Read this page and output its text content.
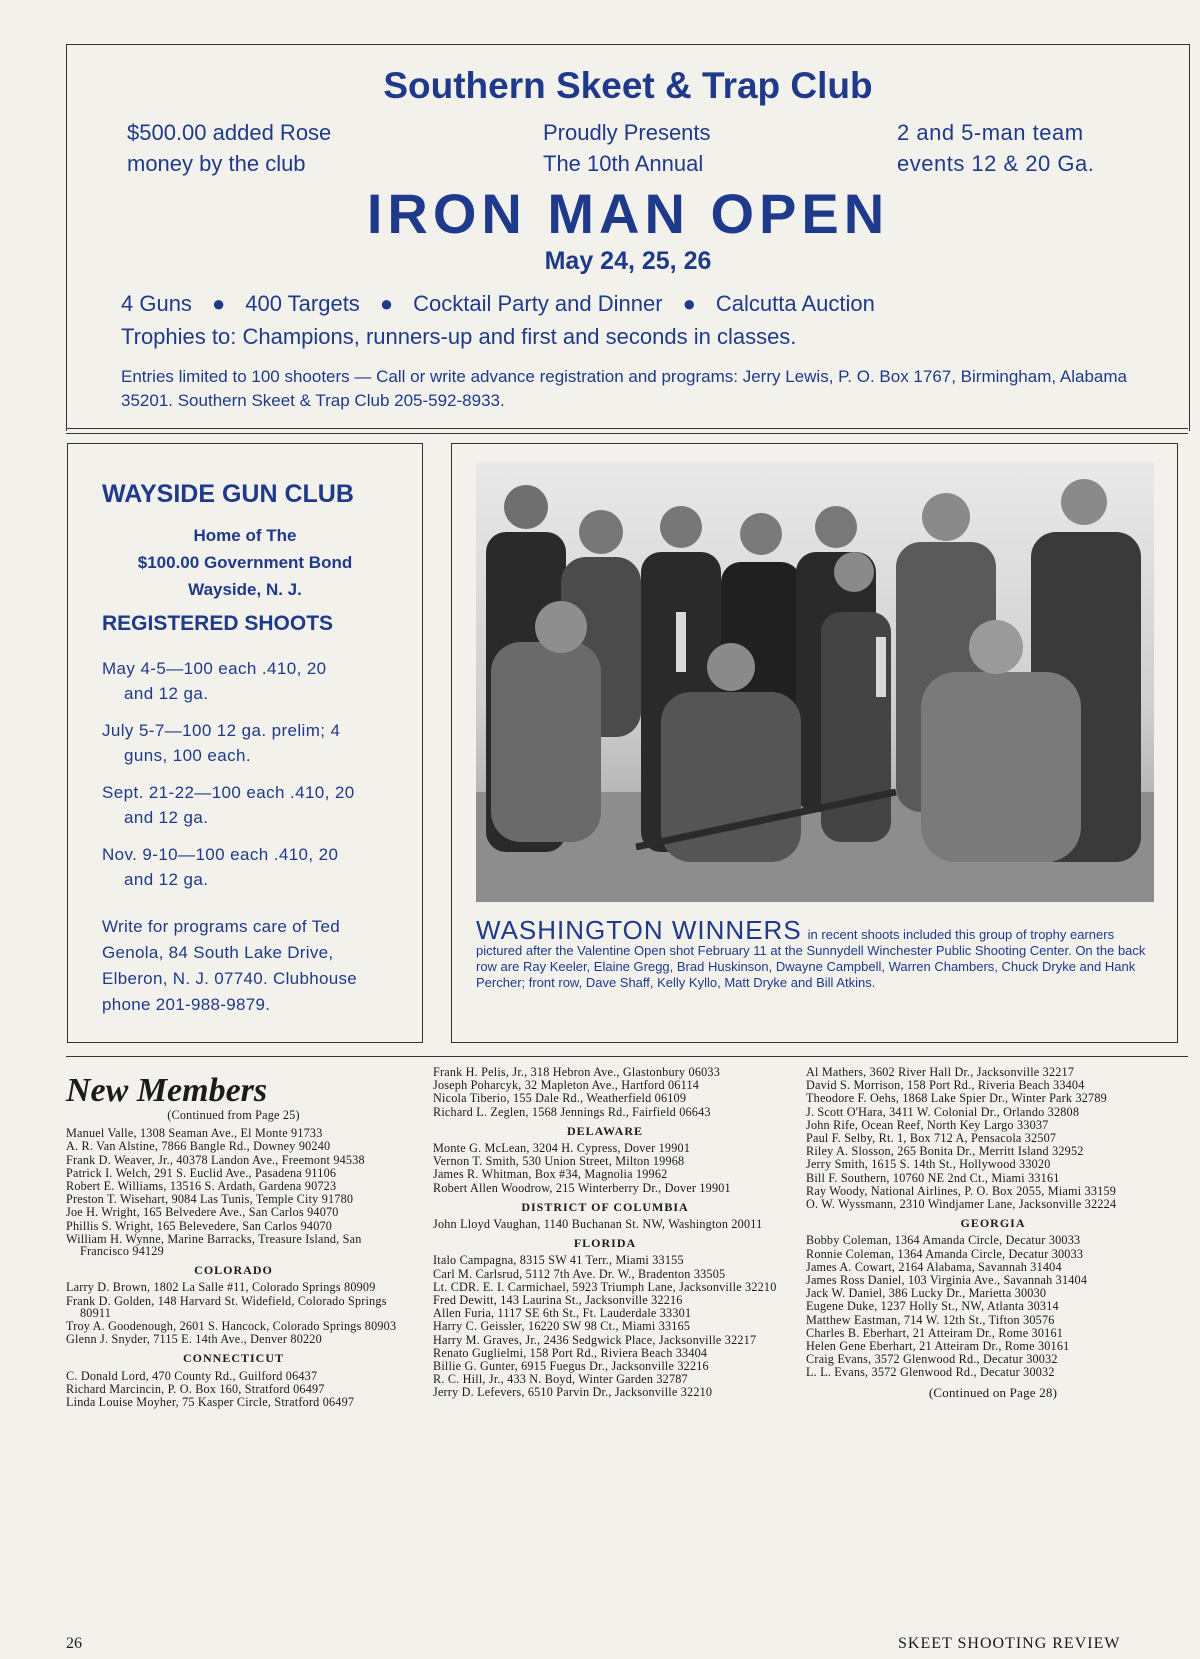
Southern Skeet & Trap Club
$500.00 added Rose
money by the club
Proudly Presents
The 10th Annual
2 and 5-man team
events 12 & 20 Ga.
IRON MAN OPEN
May 24, 25, 26
4 Guns ● 400 Targets ● Cocktail Party and Dinner ● Calcutta Auction
Trophies to: Champions, runners-up and first and seconds in classes.
Entries limited to 100 shooters — Call or write advance registration and programs: Jerry Lewis, P. O. Box 1767, Birmingham, Alabama 35201. Southern Skeet & Trap Club 205-592-8933.
WAYSIDE GUN CLUB
Home of The
$100.00 Government Bond
Wayside, N. J.
REGISTERED SHOOTS
May 4-5—100 each .410, 20
and 12 ga.
July 5-7—100 12 ga. prelim; 4
guns, 100 each.
Sept. 21-22—100 each .410, 20
and 12 ga.
Nov. 9-10—100 each .410, 20
and 12 ga.
Write for programs care of Ted Genola, 84 South Lake Drive, Elberon, N. J. 07740. Clubhouse phone 201-988-9879.
WASHINGTON WINNERS in recent shoots included this group of trophy earners pictured after the Valentine Open shot February 11 at the Sunnydell Winchester Public Shooting Center. On the back row are Ray Keeler, Elaine Gregg, Brad Huskinson, Dwayne Campbell, Warren Chambers, Chuck Dryke and Hank Percher; front row, Dave Shaff, Kelly Kyllo, Matt Dryke and Bill Atkins.
New Members

(Continued from Page 25)

Manuel Valle, 1308 Seaman Ave., El Monte 91733

A. R. Van Alstine, 7866 Bangle Rd., Downey 90240

Frank D. Weaver, Jr., 40378 Landon Ave., Freemont 94538

Patrick I. Welch, 291 S. Euclid Ave., Pasadena 91106

Robert E. Williams, 13516 S. Ardath, Gardena 90723

Preston T. Wisehart, 9084 Las Tunis, Temple City 91780

Joe H. Wright, 165 Belvedere Ave., San Carlos 94070

Phillis S. Wright, 165 Belevedere, San Carlos 94070

William H. Wynne, Marine Barracks, Treasure Island, San Francisco 94129

COLORADO

Larry D. Brown, 1802 La Salle #11, Colorado Springs 80909

Frank D. Golden, 148 Harvard St. Widefield, Colorado Springs 80911

Troy A. Goodenough, 2601 S. Hancock, Colorado Springs 80903

Glenn J. Snyder, 7115 E. 14th Ave., Denver 80220

CONNECTICUT

C. Donald Lord, 470 County Rd., Guilford 06437

Richard Marcincin, P. O. Box 160, Stratford 06497

Linda Louise Moyher, 75 Kasper Circle, Stratford 06497

Frank H. Pelis, Jr., 318 Hebron Ave., Glastonbury 06033

Joseph Poharcyk, 32 Mapleton Ave., Hartford 06114

Nicola Tiberio, 155 Dale Rd., Weatherfield 06109

Richard L. Zeglen, 1568 Jennings Rd., Fairfield 06643

DELAWARE

Monte G. McLean, 3204 H. Cypress, Dover 19901

Vernon T. Smith, 530 Union Street, Milton 19968

James R. Whitman, Box #34, Magnolia 19962

Robert Allen Woodrow, 215 Winterberry Dr., Dover 19901

DISTRICT OF COLUMBIA

John Lloyd Vaughan, 1140 Buchanan St. NW, Washington 20011

FLORIDA

Italo Campagna, 8315 SW 41 Terr., Miami 33155

Carl M. Carlsrud, 5112 7th Ave. Dr. W., Bradenton 33505

Lt. CDR. E. I. Carmichael, 5923 Triumph Lane, Jacksonville 32210

Fred Dewitt, 143 Laurina St., Jacksonville 32216

Allen Furia, 1117 SE 6th St., Ft. Lauderdale 33301

Harry C. Geissler, 16220 SW 98 Ct., Miami 33165

Harry M. Graves, Jr., 2436 Sedgwick Place, Jacksonville 32217

Renato Guglielmi, 158 Port Rd., Riviera Beach 33404

Billie G. Gunter, 6915 Fuegus Dr., Jacksonville 32216

R. C. Hill, Jr., 433 N. Boyd, Winter Garden 32787

Jerry D. Lefevers, 6510 Parvin Dr., Jacksonville 32210

Al Mathers, 3602 River Hall Dr., Jacksonville 32217

David S. Morrison, 158 Port Rd., Riveria Beach 33404

Theodore F. Oehs, 1868 Lake Spier Dr., Winter Park 32789

J. Scott O'Hara, 3411 W. Colonial Dr., Orlando 32808

John Rife, Ocean Reef, North Key Largo 33037

Paul F. Selby, Rt. 1, Box 712 A, Pensacola 32507

Riley A. Slosson, 265 Bonita Dr., Merritt Island 32952

Jerry Smith, 1615 S. 14th St., Hollywood 33020

Bill F. Southern, 10760 NE 2nd Ct., Miami 33161

Ray Woody, National Airlines, P. O. Box 2055, Miami 33159

O. W. Wyssmann, 2310 Windjamer Lane, Jacksonville 32224

GEORGIA

Bobby Coleman, 1364 Amanda Circle, Decatur 30033

Ronnie Coleman, 1364 Amanda Circle, Decatur 30033

James A. Cowart, 2164 Alabama, Savannah 31404

James Ross Daniel, 103 Virginia Ave., Savannah 31404

Jack W. Daniel, 386 Lucky Dr., Marietta 30030

Eugene Duke, 1237 Holly St., NW, Atlanta 30314

Matthew Eastman, 714 W. 12th St., Tifton 30576

Charles B. Eberhart, 21 Atteiram Dr., Rome 30161

Helen Gene Eberhart, 21 Atteiram Dr., Rome 30161

Craig Evans, 3572 Glenwood Rd., Decatur 30032

L. L. Evans, 3572 Glenwood Rd., Decatur 30032

(Continued on Page 28)

26	SKEET SHOOTING REVIEW
